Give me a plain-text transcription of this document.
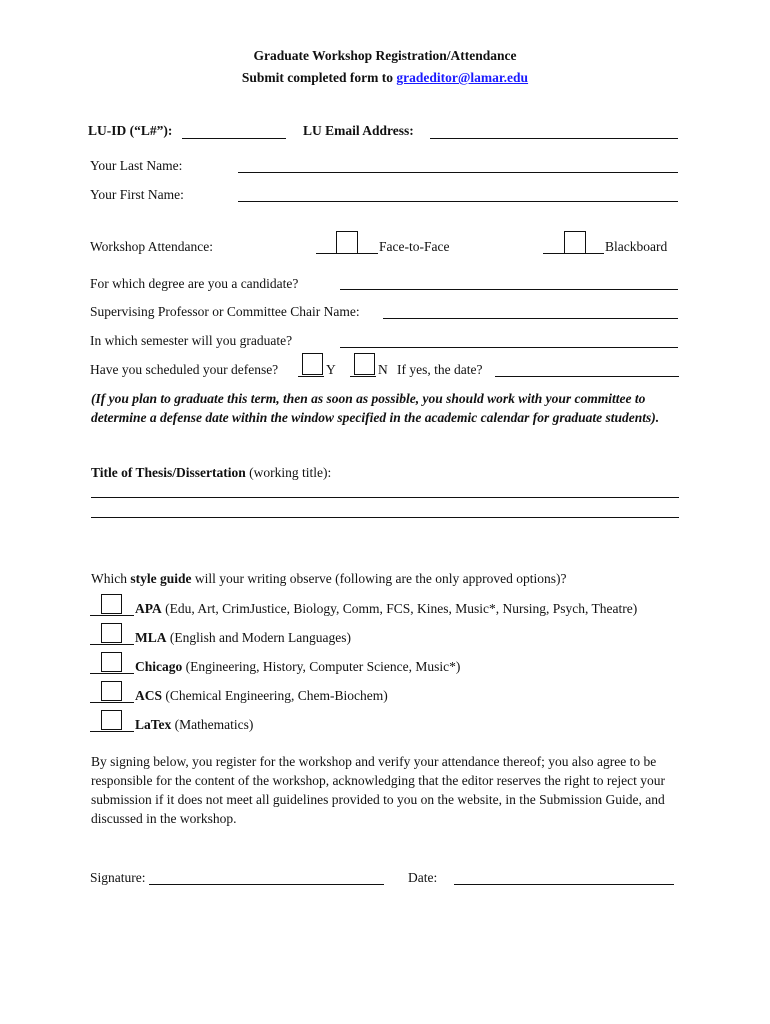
Graduate Workshop Registration/Attendance
Submit completed form to gradeditor@lamar.edu
LU-ID (“L#”):	LU Email Address:
Your Last Name:
Your First Name:
Workshop Attendance:	Face-to-Face	Blackboard
For which degree are you a candidate?
Supervising Professor or Committee Chair Name:
In which semester will you graduate?
Have you scheduled your defense?	Y	N If yes, the date?
(If you plan to graduate this term, then as soon as possible, you should work with your committee to determine a defense date within the window specified in the academic calendar for graduate students).
Title of Thesis/Dissertation (working title):
Which style guide will your writing observe (following are the only approved options)?
APA (Edu, Art, CrimJustice, Biology, Comm, FCS, Kines, Music*, Nursing, Psych, Theatre)
MLA (English and Modern Languages)
Chicago (Engineering, History, Computer Science, Music*)
ACS (Chemical Engineering, Chem-Biochem)
LaTex (Mathematics)
By signing below, you register for the workshop and verify your attendance thereof; you also agree to be responsible for the content of the workshop, acknowledging that the editor reserves the right to reject your submission if it does not meet all guidelines provided to you on the website, in the Submission Guide, and discussed in the workshop.
Signature:	Date:
